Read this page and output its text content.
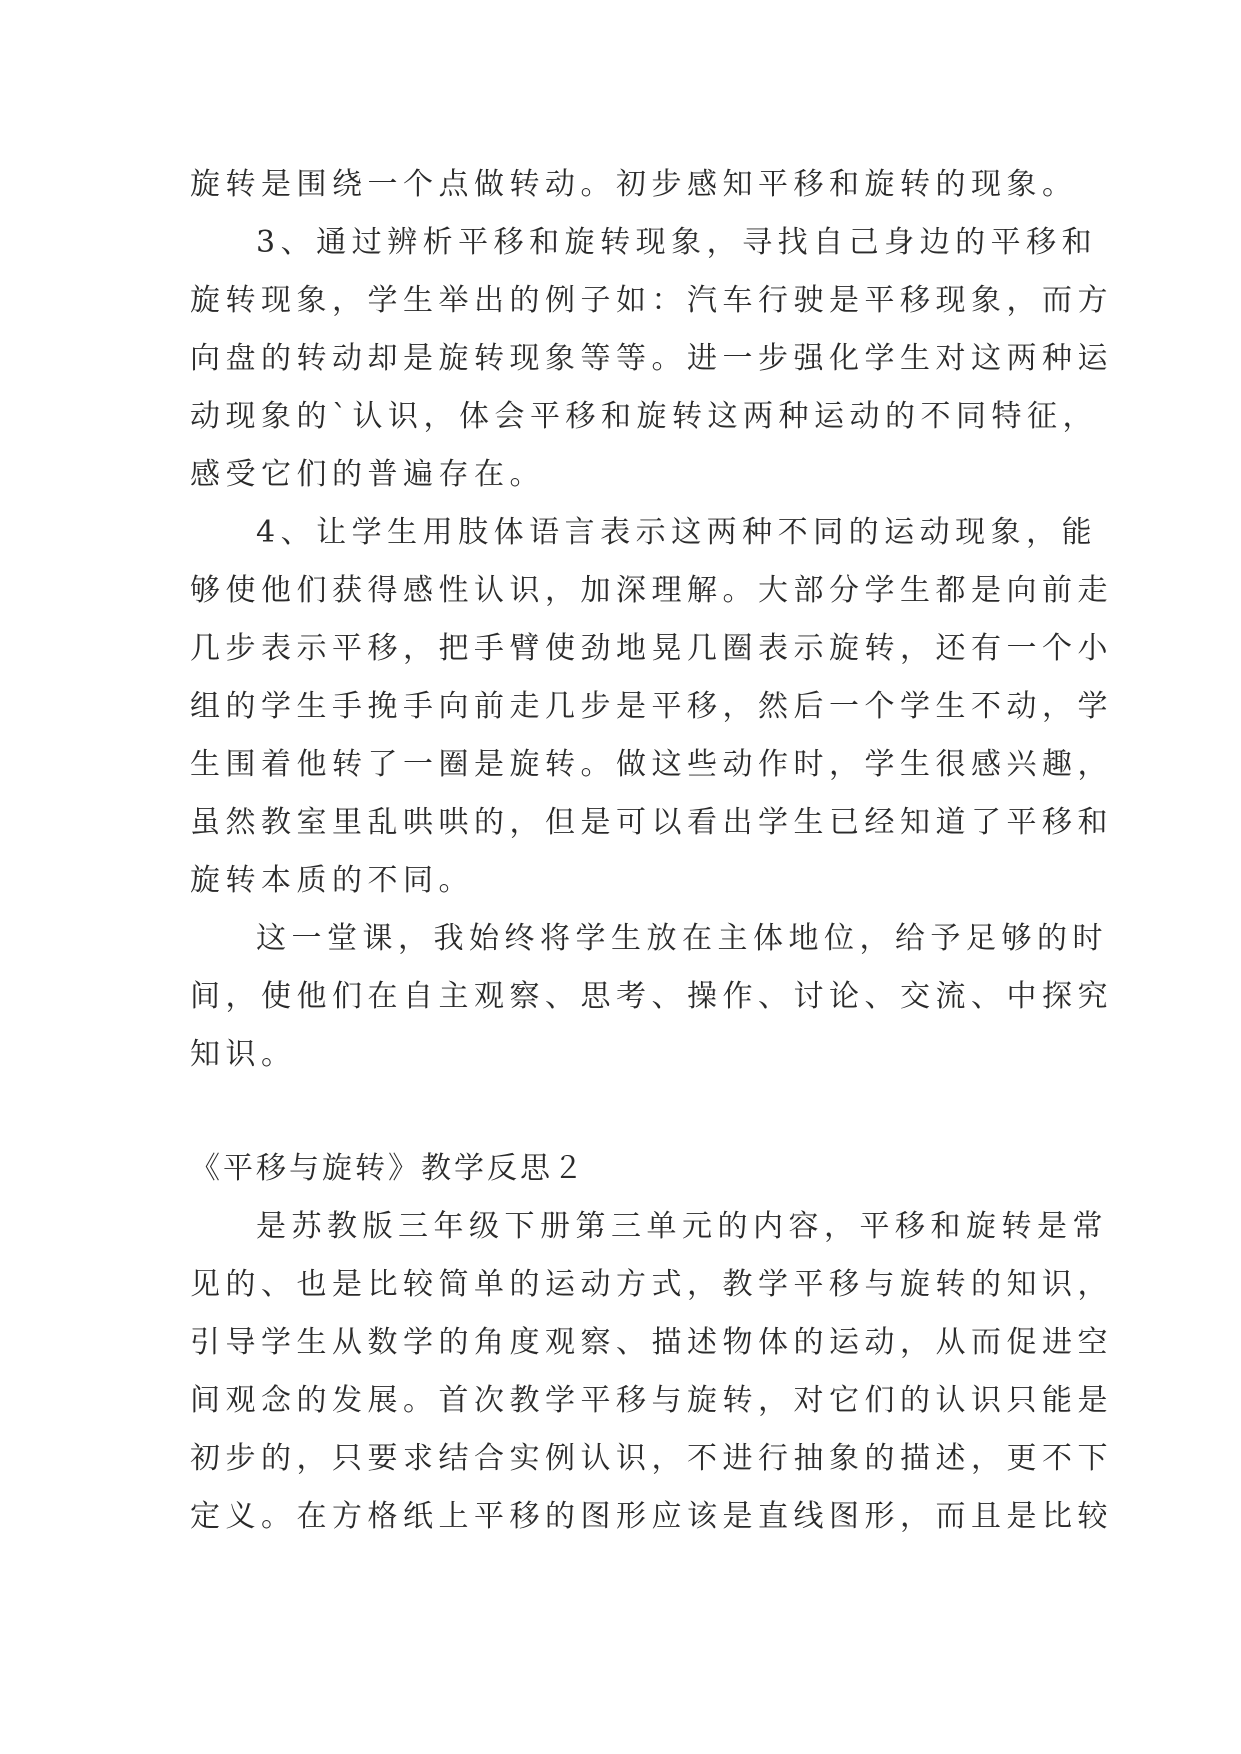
旋转是围绕一个点做转动。初步感知平移和旋转的现象。
3、通过辨析平移和旋转现象，寻找自己身边的平移和
旋转现象，学生举出的例子如：汽车行驶是平移现象，而方
向盘的转动却是旋转现象等等。进一步强化学生对这两种运
动现象的`认识，体会平移和旋转这两种运动的不同特征，
感受它们的普遍存在。
4、让学生用肢体语言表示这两种不同的运动现象，能
够使他们获得感性认识，加深理解。大部分学生都是向前走
几步表示平移，把手臂使劲地晃几圈表示旋转，还有一个小
组的学生手挽手向前走几步是平移，然后一个学生不动，学
生围着他转了一圈是旋转。做这些动作时，学生很感兴趣，
虽然教室里乱哄哄的，但是可以看出学生已经知道了平移和
旋转本质的不同。
这一堂课，我始终将学生放在主体地位，给予足够的时
间，使他们在自主观察、思考、操作、讨论、交流、中探究
知识。
《平移与旋转》教学反思２
是苏教版三年级下册第三单元的内容，平移和旋转是常
见的、也是比较简单的运动方式，教学平移与旋转的知识，
引导学生从数学的角度观察、描述物体的运动，从而促进空
间观念的发展。首次教学平移与旋转，对它们的认识只能是
初步的，只要求结合实例认识，不进行抽象的描述，更不下
定义。在方格纸上平移的图形应该是直线图形，而且是比较
